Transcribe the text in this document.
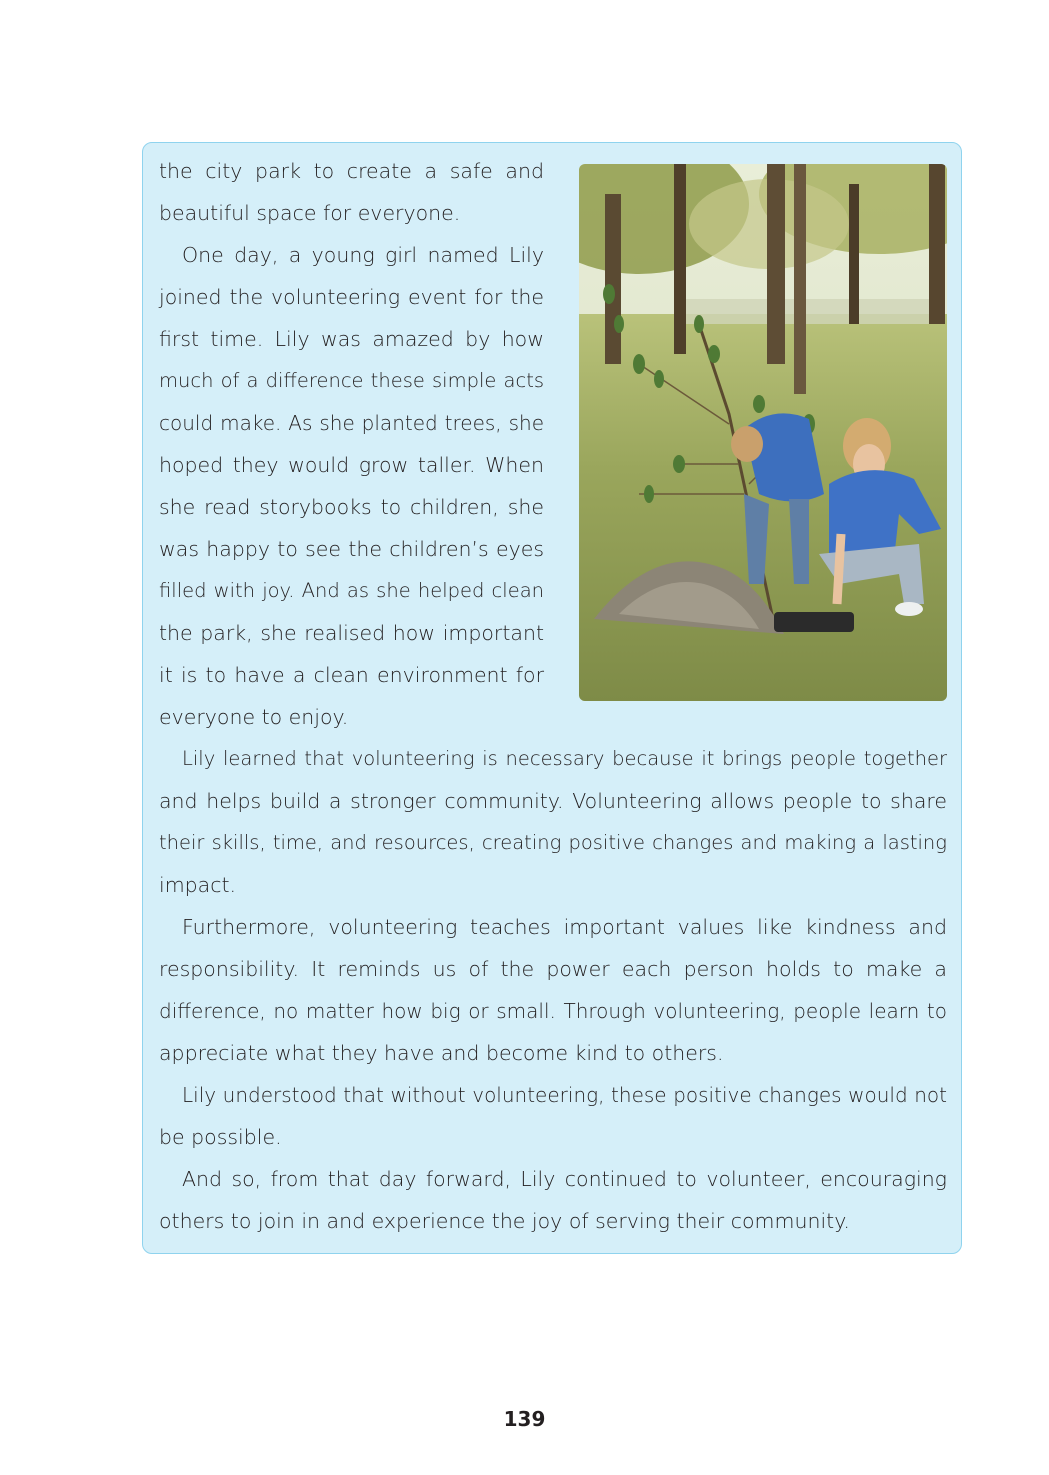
the city park to create a safe and
beautiful space for everyone.
One day, a young girl named Lily
joined the volunteering event for the
first time. Lily was amazed by how
much of a difference these simple acts
could make. As she planted trees, she
hoped they would grow taller. When
she read storybooks to children, she
was happy to see the children’s eyes
filled with joy. And as she helped clean
the park, she realised how important
it is to have a clean environment for
everyone to enjoy.
Lily learned that volunteering is necessary because it brings people together
and helps build a stronger community. Volunteering allows people to share
their skills, time, and resources, creating positive changes and making a lasting
impact.
Furthermore, volunteering teaches important values like kindness and
responsibility. It reminds us of the power each person holds to make a
difference, no matter how big or small. Through volunteering, people learn to
appreciate what they have and become kind to others.
Lily understood that without volunteering, these positive changes would not
be possible.
And so, from that day forward, Lily continued to volunteer, encouraging
others to join in and experience the joy of serving their community.
139
